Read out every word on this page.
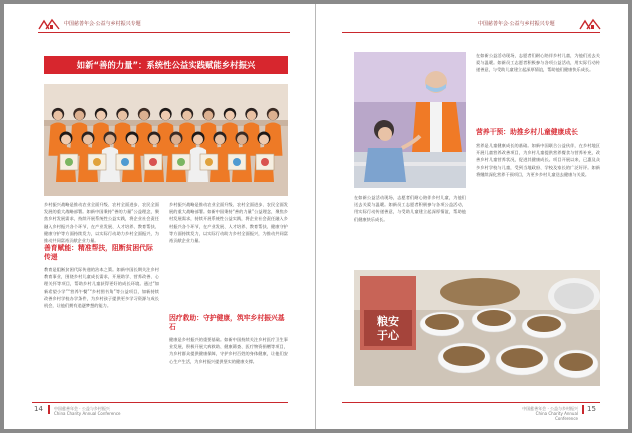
中国慈善年会·公益与乡村振兴专题
如新“善的力量”：系统性公益实践赋能乡村振兴
乡村振兴战略是推动农业全面升级、农村全面进步、农民全面发展的重大战略部署。如新中国秉持“善的力量”公益理念，聚焦乡村发展需求，持续开展系统性公益实践，将企业社会责任融入乡村振兴各个环节，在产业发展、人才培养、教育帮扶、健康守护等方面持续发力，以实际行动助力乡村全面振兴，为推动共同富裕贡献企业力量。
善育赋能：精准帮扶，阻断贫困代际传递
教育是阻断贫困代际传递的治本之策。如新中国长期关注乡村教育事业，围绕乡村儿童成长需求，开展助学、营养改善、心理关怀等项目，帮助乡村儿童获得更好的成长环境。通过“如新希望小学”“营养午餐”“乡村图书角”等公益项目，如新持续改善乡村学校办学条件，为乡村孩子提供更多学习资源与成长机会，让他们拥有追逐梦想的能力。
乡村振兴战略是推动农业全面升级、农村全面进步、农民全面发展的重大战略部署。如新中国秉持“善的力量”公益理念，聚焦乡村发展需求，持续开展系统性公益实践，将企业社会责任融入乡村振兴各个环节，在产业发展、人才培养、教育帮扶、健康守护等方面持续发力，以实际行动助力乡村全面振兴，为推动共同富裕贡献企业力量。
因疗救助：守护健康，筑牢乡村振兴基石
健康是乡村振兴的重要基础。如新中国持续关注乡村医疗卫生事业发展，积极开展大病救助、健康筛查、医疗物资捐赠等项目，为乡村群众提供健康保障，守护乡村百姓的身体健康，让他们安心生产生活，为乡村振兴提供坚实的健康支撑。
14	中国慈善年会 · 公益与乡村振兴
China Charity Annual Conference
中国慈善年会·公益与乡村振兴专题
在如新公益活动现场，志愿者们耐心陪伴乡村儿童，为他们送去关爱与温暖。如新员工志愿者积极参与各项公益活动，用实际行动传递善意，与受助儿童建立起深厚情谊，帮助他们健康快乐成长。
营养干预：助推乡村儿童健康成长
营养是儿童健康成长的基础。如新中国联合公益伙伴，在乡村地区开展儿童营养改善项目，为乡村儿童提供营养餐食与营养补充，改善乡村儿童营养状况，促进其健康成长。项目开展以来，已惠及众多乡村学校与儿童，受到当地政府、学校及家长的广泛好评。如新将继续深化营养干预项目，为更多乡村儿童送去健康与关爱。
在如新公益活动现场，志愿者们耐心陪伴乡村儿童，为他们送去关爱与温暖。如新员工志愿者积极参与各项公益活动，用实际行动传递善意，与受助儿童建立起深厚情谊，帮助他们健康快乐成长。
粮安于心
中国慈善年会 · 公益与乡村振兴
China Charity Annual Conference
15
